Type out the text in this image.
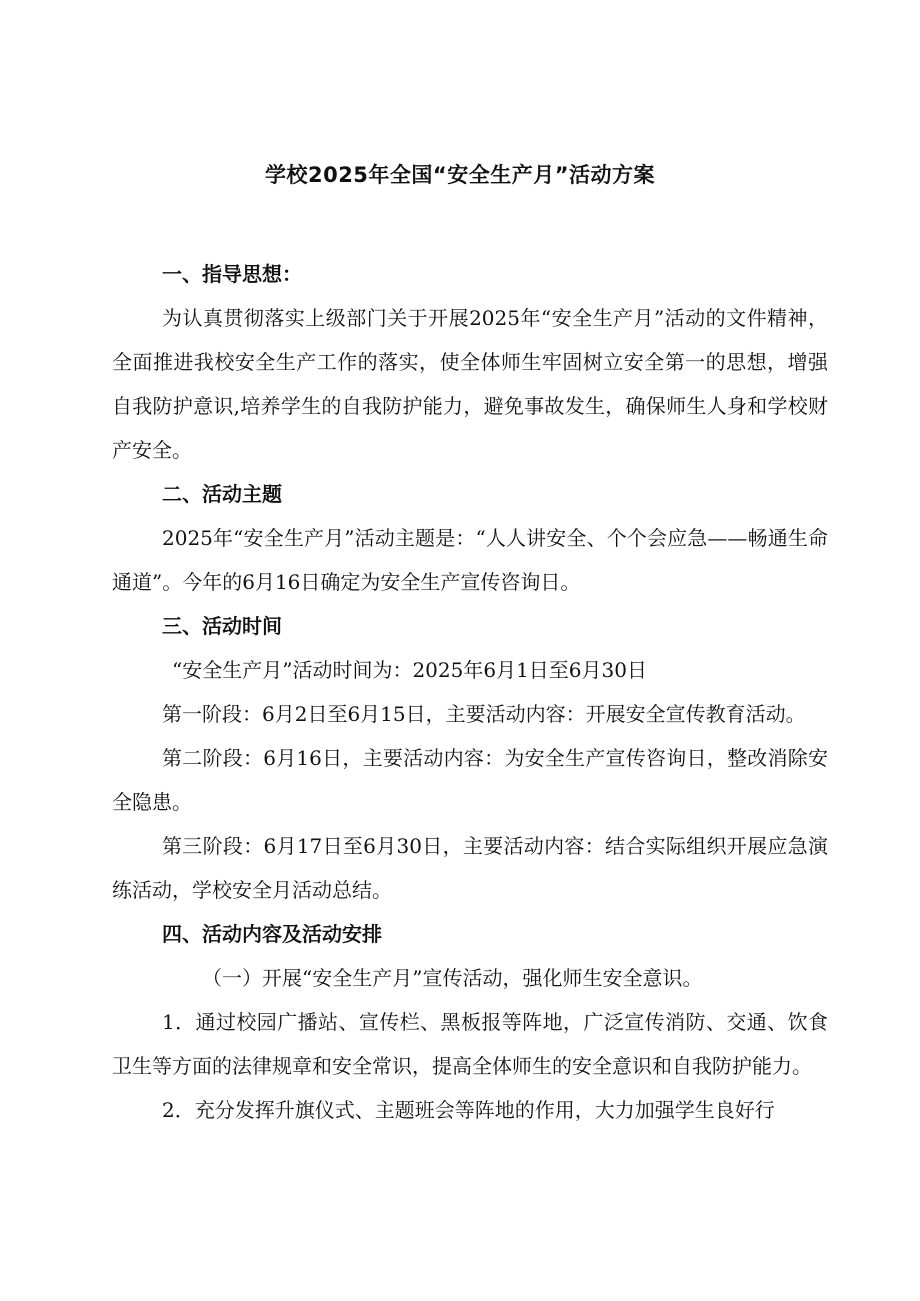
学校2025年全国“安全生产月”活动方案

一、指导思想：

为认真贯彻落实上级部门关于开展2025年“安全生产月”活动的文件精神，全面推进我校安全生产工作的落实，使全体师生牢固树立安全第一的思想，增强自我防护意识,培养学生的自我防护能力，避免事故发生，确保师生人身和学校财产安全。

二、活动主题

2025年“安全生产月”活动主题是：“人人讲安全、个个会应急——畅通生命通道”。今年的6月16日确定为安全生产宣传咨询日。

三、活动时间

“安全生产月”活动时间为：2025年6月1日至6月30日

第一阶段：6月2日至6月15日，主要活动内容：开展安全宣传教育活动。

第二阶段：6月16日，主要活动内容：为安全生产宣传咨询日，整改消除安全隐患。

第三阶段：6月17日至6月30日，主要活动内容：结合实际组织开展应急演练活动，学校安全月活动总结。

四、活动内容及活动安排

（一）开展“安全生产月”宣传活动，强化师生安全意识。

1．通过校园广播站、宣传栏、黑板报等阵地，广泛宣传消防、交通、饮食卫生等方面的法律规章和安全常识，提高全体师生的安全意识和自我防护能力。

2．充分发挥升旗仪式、主题班会等阵地的作用，大力加强学生良好行
